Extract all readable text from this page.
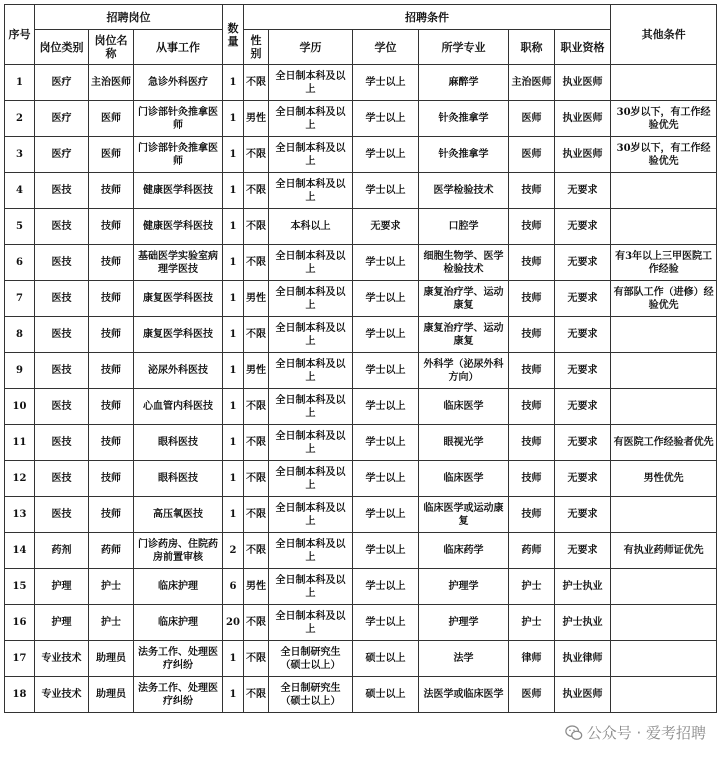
序号	招聘岗位			数量	招聘条件						其他条件
	岗位类别	岗位名称	从事工作		性别	学历	学位	所学专业	职称	职业资格	
1	医疗	主治医师	急诊外科医疗	1	不限	全日制本科及以上	学士以上	麻醉学	主治医师	执业医师	
2	医疗	医师	门诊部针灸推拿医师	1	男性	全日制本科及以上	学士以上	针灸推拿学	医师	执业医师	30岁以下，有工作经验优先
3	医疗	医师	门诊部针灸推拿医师	1	不限	全日制本科及以上	学士以上	针灸推拿学	医师	执业医师	30岁以下，有工作经验优先
4	医技	技师	健康医学科医技	1	不限	全日制本科及以上	学士以上	医学检验技术	技师	无要求	
5	医技	技师	健康医学科医技	1	不限	本科以上	无要求	口腔学	技师	无要求	
6	医技	技师	基础医学实验室病理学医技	1	不限	全日制本科及以上	学士以上	细胞生物学、医学检验技术	技师	无要求	有3年以上三甲医院工作经验
7	医技	技师	康复医学科医技	1	男性	全日制本科及以上	学士以上	康复治疗学、运动康复	技师	无要求	有部队工作（进修）经验优先
8	医技	技师	康复医学科医技	1	不限	全日制本科及以上	学士以上	康复治疗学、运动康复	技师	无要求	
9	医技	技师	泌尿外科医技	1	男性	全日制本科及以上	学士以上	外科学（泌尿外科方向）	技师	无要求	
10	医技	技师	心血管内科医技	1	不限	全日制本科及以上	学士以上	临床医学	技师	无要求	
11	医技	技师	眼科医技	1	不限	全日制本科及以上	学士以上	眼视光学	技师	无要求	有医院工作经验者优先
12	医技	技师	眼科医技	1	不限	全日制本科及以上	学士以上	临床医学	技师	无要求	男性优先
13	医技	技师	高压氧医技	1	不限	全日制本科及以上	学士以上	临床医学或运动康复	技师	无要求	
14	药剂	药师	门诊药房、住院药房前置审核	2	不限	全日制本科及以上	学士以上	临床药学	药师	无要求	有执业药师证优先
15	护理	护士	临床护理	6	男性	全日制本科及以上	学士以上	护理学	护士	护士执业	
16	护理	护士	临床护理	20	不限	全日制本科及以上	学士以上	护理学	护士	护士执业	
17	专业技术	助理员	法务工作、处理医疗纠纷	1	不限	全日制研究生（硕士以上）	硕士以上	法学	律师	执业律师	
18	专业技术	助理员	法务工作、处理医疗纠纷	1	不限	全日制研究生（硕士以上）	硕士以上	法医学或临床医学	医师	执业医师	
公众号 · 爱考招聘
